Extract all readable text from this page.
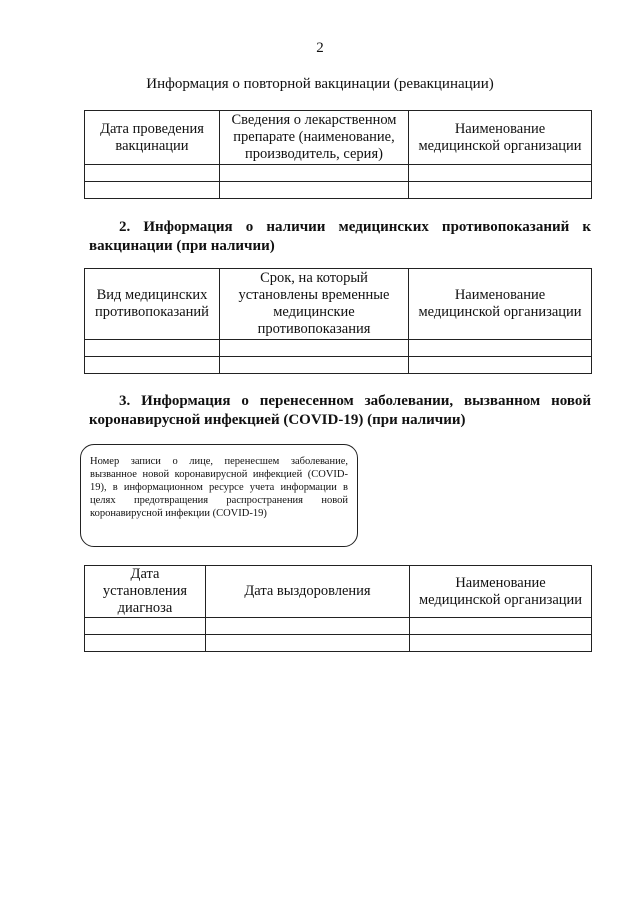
2
Информация о повторной вакцинации (ревакцинации)
Дата проведения вакцинации	Сведения о лекарственном препарате (наименование, производитель, серия)	Наименование медицинской организации

2. Информация о наличии медицинских противопоказаний к
вакцинации (при наличии)
Вид медицинских противопоказаний	Срок, на который установлены временные медицинские противопоказания	Наименование медицинской организации

3. Информация о перенесенном заболевании, вызванном новой
коронавирусной инфекцией (COVID-19) (при наличии)
Номер записи о лице, перенесшем заболевание, вызванное новой коронавирусной инфекцией (COVID-19), в информационном ресурсе учета информации в целях предотвращения распространения новой коронавирусной инфекции (COVID-19)
Дата установления диагноза	Дата выздоровления	Наименование медицинской организации
